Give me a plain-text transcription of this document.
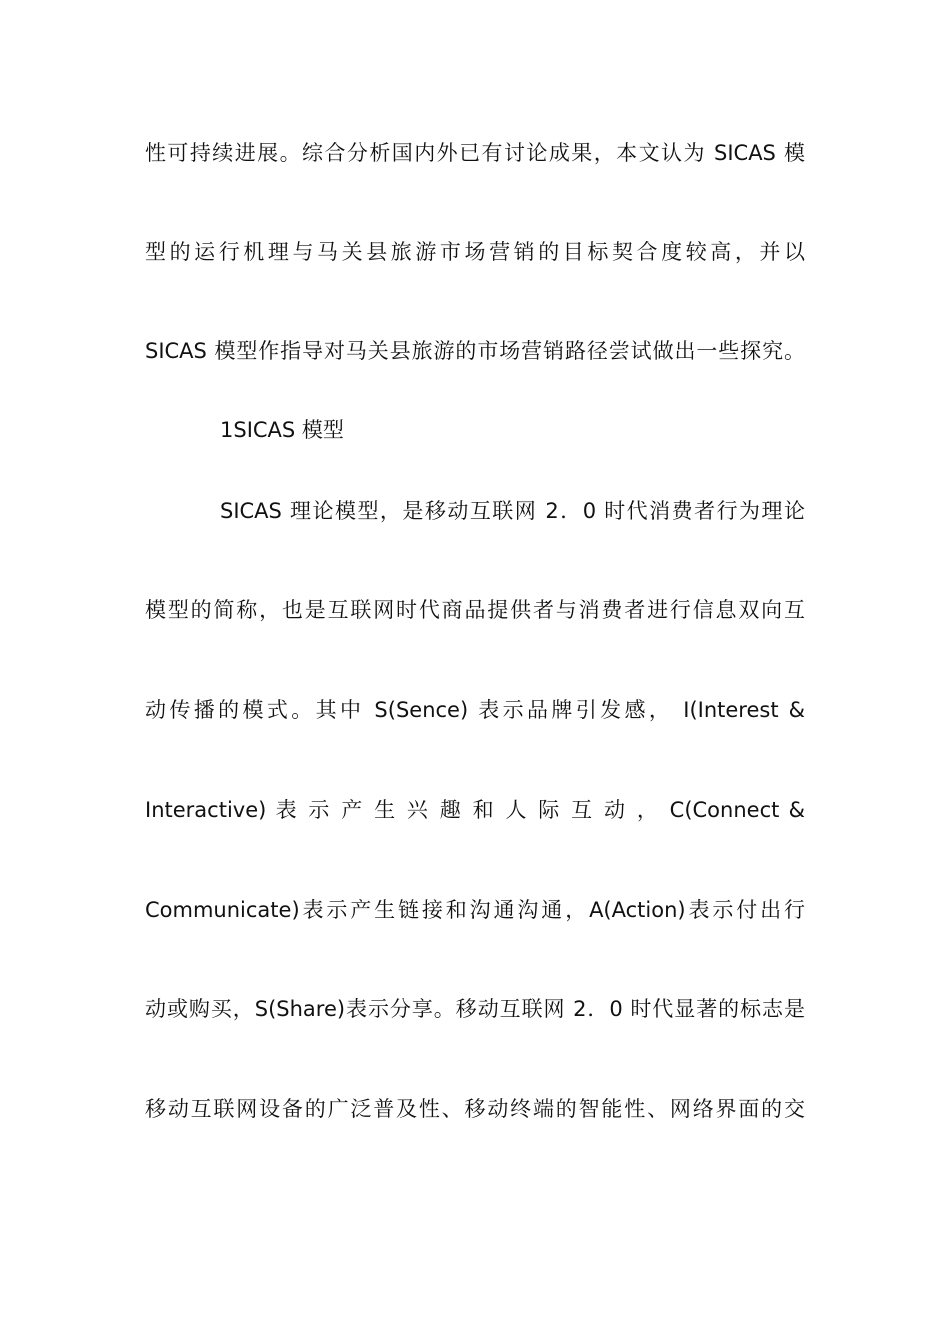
性可持续进展。综合分析国内外已有讨论成果，本文认为 SICAS 模
型的运行机理与马关县旅游市场营销的目标契合度较高，并以
SICAS 模型作指导对马关县旅游的市场营销路径尝试做出一些探究。
1SICAS 模型
SICAS 理论模型，是移动互联网 2．0 时代消费者行为理论
模型的简称，也是互联网时代商品提供者与消费者进行信息双向互
动传播的模式。其中 S(Sence) 表示品牌引发感， I(Interest &
Interactive) 表 示 产 生 兴 趣 和 人 际 互 动 ， C(Connect &
Communicate)表示产生链接和沟通沟通，A(Action)表示付出行
动或购买，S(Share)表示分享。移动互联网 2．0 时代显著的标志是
移动互联网设备的广泛普及性、移动终端的智能性、网络界面的交
